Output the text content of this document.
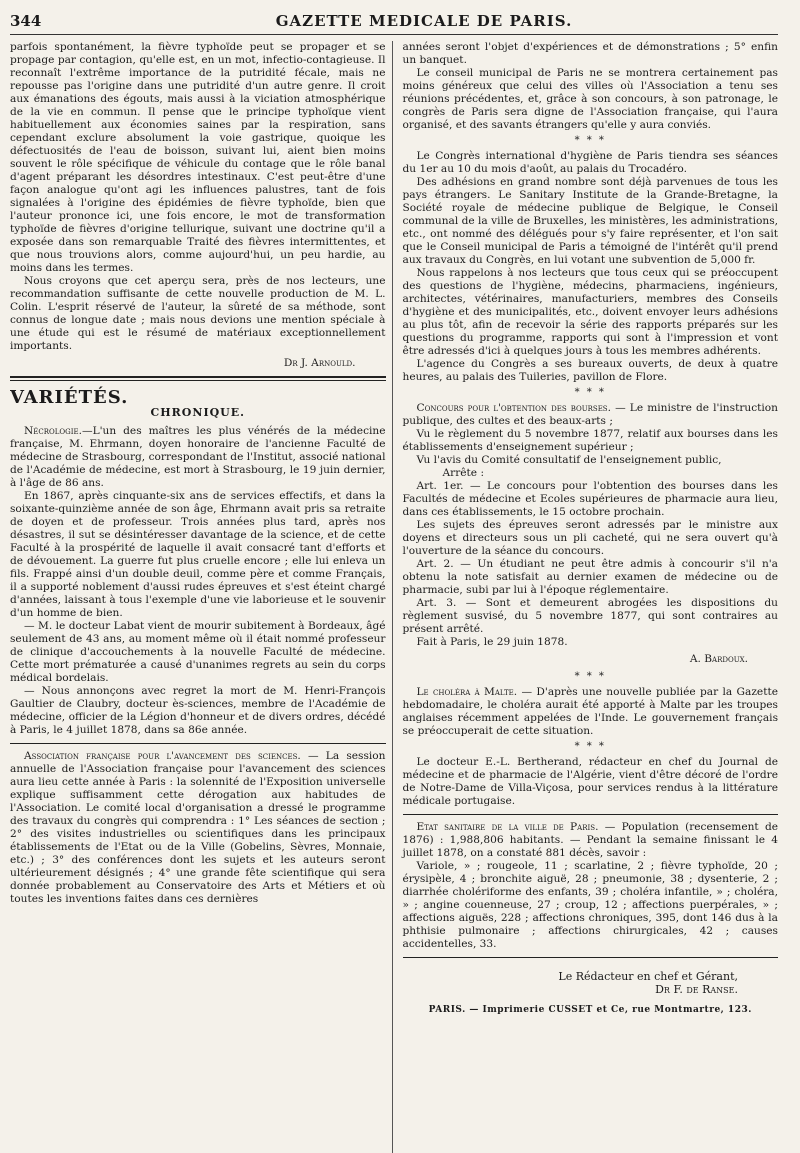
344	GAZETTE MEDICALE DE PARIS.

parfois spontanément, la fièvre typhoïde peut se propager et se propage par contagion, qu'elle est, en un mot, infectio-contagieuse. Il reconnaît l'extrême importance de la putridité fécale, mais ne repousse pas l'origine dans une putridité d'un autre genre. Il croit aux émanations des égouts, mais aussi à la viciation atmosphérique de la vie en commun. Il pense que le principe typhoïque vient habituellement aux économies saines par la respiration, sans cependant exclure absolument la voie gastrique, quoique les défectuosités de l'eau de boisson, suivant lui, aient bien moins souvent le rôle spécifique de véhicule du contage que le rôle banal d'agent préparant les désordres intestinaux. C'est peut-être d'une façon analogue qu'ont agi les influences palustres, tant de fois signalées à l'origine des épidémies de fièvre typhoïde, bien que l'auteur prononce ici, une fois encore, le mot de transformation typhoïde de fièvres d'origine tellurique, suivant une doctrine qu'il a exposée dans son remarquable Traité des fièvres intermittentes, et que nous trouvions alors, comme aujourd'hui, un peu hardie, au moins dans les termes.

Nous croyons que cet aperçu sera, près de nos lecteurs, une recommandation suffisante de cette nouvelle production de M. L. Colin. L'esprit réservé de l'auteur, la sûreté de sa méthode, sont connus de longue date ; mais nous devions une mention spéciale à une étude qui est le résumé de matériaux exceptionnellement importants.

Dr J. Arnould.
VARIÉTÉS.
CHRONIQUE.

Nécrologie.—L'un des maîtres les plus vénérés de la médecine française, M. Ehrmann, doyen honoraire de l'ancienne Faculté de médecine de Strasbourg, correspondant de l'Institut, associé national de l'Académie de médecine, est mort à Strasbourg, le 19 juin dernier, à l'âge de 86 ans.

En 1867, après cinquante-six ans de services effectifs, et dans la soixante-quinzième année de son âge, Ehrmann avait pris sa retraite de doyen et de professeur. Trois années plus tard, après nos désastres, il sut se désintéresser davantage de la science, et de cette Faculté à la prospérité de laquelle il avait consacré tant d'efforts et de dévouement. La guerre fut plus cruelle encore ; elle lui enleva un fils. Frappé ainsi d'un double deuil, comme père et comme Français, il a supporté noblement d'aussi rudes épreuves et s'est éteint chargé d'années, laissant à tous l'exemple d'une vie laborieuse et le souvenir d'un homme de bien.

— M. le docteur Labat vient de mourir subitement à Bordeaux, âgé seulement de 43 ans, au moment même où il était nommé professeur de clinique d'accouchements à la nouvelle Faculté de médecine. Cette mort prématurée a causé d'unanimes regrets au sein du corps médical bordelais.

— Nous annonçons avec regret la mort de M. Henri-François Gaultier de Claubry, docteur ès-sciences, membre de l'Académie de médecine, officier de la Légion d'honneur et de divers ordres, décédé à Paris, le 4 juillet 1878, dans sa 86e année.

Association française pour l'avancement des sciences. — La session annuelle de l'Association française pour l'avancement des sciences aura lieu cette année à Paris : la solennité de l'Exposition universelle explique suffisamment cette dérogation aux habitudes de l'Association. Le comité local d'organisation a dressé le programme des travaux du congrès qui comprendra : 1° Les séances de section ; 2° des visites industrielles ou scientifiques dans les principaux établissements de l'Etat ou de la Ville (Gobelins, Sèvres, Monnaie, etc.) ; 3° des conférences dont les sujets et les auteurs seront ultérieurement désignés ; 4° une grande fête scientifique qui sera donnée probablement au Conservatoire des Arts et Métiers et où toutes les inventions faites dans ces dernières

années seront l'objet d'expériences et de démonstrations ; 5° enfin un banquet.

Le conseil municipal de Paris ne se montrera certainement pas moins généreux que celui des villes où l'Association a tenu ses réunions précédentes, et, grâce à son concours, à son patronage, le congrès de Paris sera digne de l'Association française, qui l'aura organisé, et des savants étrangers qu'elle y aura conviés.

* * *

Le Congrès international d'hygiène de Paris tiendra ses séances du 1er au 10 du mois d'août, au palais du Trocadéro.

Des adhésions en grand nombre sont déjà parvenues de tous les pays étrangers. Le Sanitary Institute de la Grande-Bretagne, la Société royale de médecine publique de Belgique, le Conseil communal de la ville de Bruxelles, les ministères, les administrations, etc., ont nommé des délégués pour s'y faire représenter, et l'on sait que le Conseil municipal de Paris a témoigné de l'intérêt qu'il prend aux travaux du Congrès, en lui votant une subvention de 5,000 fr.

Nous rappelons à nos lecteurs que tous ceux qui se préoccupent des questions de l'hygiène, médecins, pharmaciens, ingénieurs, architectes, vétérinaires, manufacturiers, membres des Conseils d'hygiène et des municipalités, etc., doivent envoyer leurs adhésions au plus tôt, afin de recevoir la série des rapports préparés sur les questions du programme, rapports qui sont à l'impression et vont être adressés d'ici à quelques jours à tous les membres adhérents.

L'agence du Congrès a ses bureaux ouverts, de deux à quatre heures, au palais des Tuileries, pavillon de Flore.

* * *

Concours pour l'obtention des bourses. — Le ministre de l'instruction publique, des cultes et des beaux-arts ;

Vu le règlement du 5 novembre 1877, relatif aux bourses dans les établissements d'enseignement supérieur ;

Vu l'avis du Comité consultatif de l'enseignement public,

Arrête :

Art. 1er. — Le concours pour l'obtention des bourses dans les Facultés de médecine et Ecoles supérieures de pharmacie aura lieu, dans ces établissements, le 15 octobre prochain.

Les sujets des épreuves seront adressés par le ministre aux doyens et directeurs sous un pli cacheté, qui ne sera ouvert qu'à l'ouverture de la séance du concours.

Art. 2. — Un étudiant ne peut être admis à concourir s'il n'a obtenu la note satisfait au dernier examen de médecine ou de pharmacie, subi par lui à l'époque réglementaire.

Art. 3. — Sont et demeurent abrogées les dispositions du règlement susvisé, du 5 novembre 1877, qui sont contraires au présent arrêté.

Fait à Paris, le 29 juin 1878.

A. Bardoux.
* * *

Le choléra à Malte. — D'après une nouvelle publiée par la Gazette hebdomadaire, le choléra aurait été apporté à Malte par les troupes anglaises récemment appelées de l'Inde. Le gouvernement français se préoccuperait de cette situation.

* * *

Le docteur E.-L. Bertherand, rédacteur en chef du Journal de médecine et de pharmacie de l'Algérie, vient d'être décoré de l'ordre de Notre-Dame de Villa-Viçosa, pour services rendus à la littérature médicale portugaise.

Etat sanitaire de la ville de Paris. — Population (recensement de 1876) : 1,988,806 habitants. — Pendant la semaine finissant le 4 juillet 1878, on a constaté 881 décès, savoir :

Variole, » ; rougeole, 11 ; scarlatine, 2 ; fièvre typhoïde, 20 ; érysipèle, 4 ; bronchite aiguë, 28 ; pneumonie, 38 ; dysenterie, 2 ; diarrhée cholériforme des enfants, 39 ; choléra infantile, » ; choléra, » ; angine couenneuse, 27 ; croup, 12 ; affections puerpérales, » ; affections aiguës, 228 ; affections chroniques, 395, dont 146 dus à la phthisie pulmonaire ; affections chirurgicales, 42 ; causes accidentelles, 33.

Le Rédacteur en chef et Gérant,
Dr F. de Ranse.
PARIS. — Imprimerie CUSSET et Ce, rue Montmartre, 123.
